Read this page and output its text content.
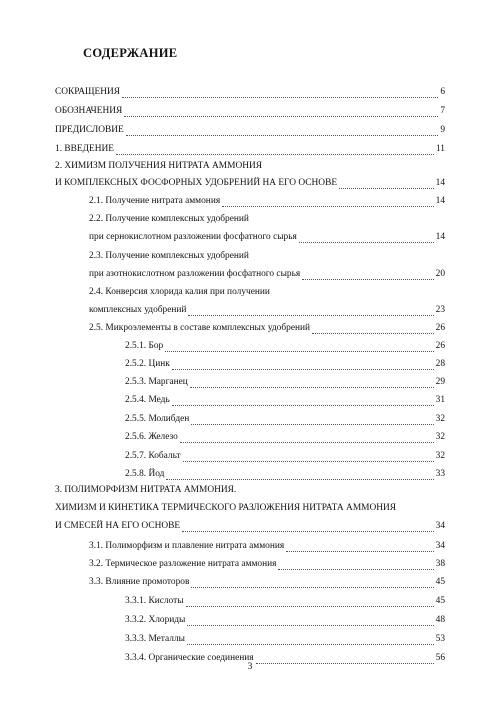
СОДЕРЖАНИЕ
СОКРАЩЕНИЯ	6
ОБОЗНАЧЕНИЯ	7
ПРЕДИСЛОВИЕ	9
1. ВВЕДЕНИЕ	11
2. ХИМИЗМ ПОЛУЧЕНИЯ НИТРАТА АММОНИЯ
И КОМПЛЕКСНЫХ ФОСФОРНЫХ УДОБРЕНИЙ НА ЕГО ОСНОВЕ	14
2.1. Получение нитрата аммония	14
2.2. Получение комплексных удобрений
при сернокислотном разложении фосфатного сырья	14
2.3. Получение комплексных удобрений
при азотнокислотном разложении фосфатного сырья	20
2.4. Конверсия хлорида калия при получении
комплексных удобрений	23
2.5. Микроэлементы в составе комплексных удобрений	26
2.5.1. Бор	26
2.5.2. Цинк	28
2.5.3. Марганец	29
2.5.4. Медь	31
2.5.5. Молибден	32
2.5.6. Железо	32
2.5.7. Кобальт	32
2.5.8. Йод	33
3. ПОЛИМОРФИЗМ НИТРАТА АММОНИЯ.
ХИМИЗМ И КИНЕТИКА ТЕРМИЧЕСКОГО РАЗЛОЖЕНИЯ НИТРАТА АММОНИЯ
И СМЕСЕЙ НА ЕГО ОСНОВЕ	34
3.1. Полиморфизм и плавление нитрата аммония	34
3.2. Термическое разложение нитрата аммония	38
3.3. Влияние промоторов	45
3.3.1. Кислоты	45
3.3.2. Хлориды	48
3.3.3. Металлы	53
3.3.4. Органические соединения	56
3
